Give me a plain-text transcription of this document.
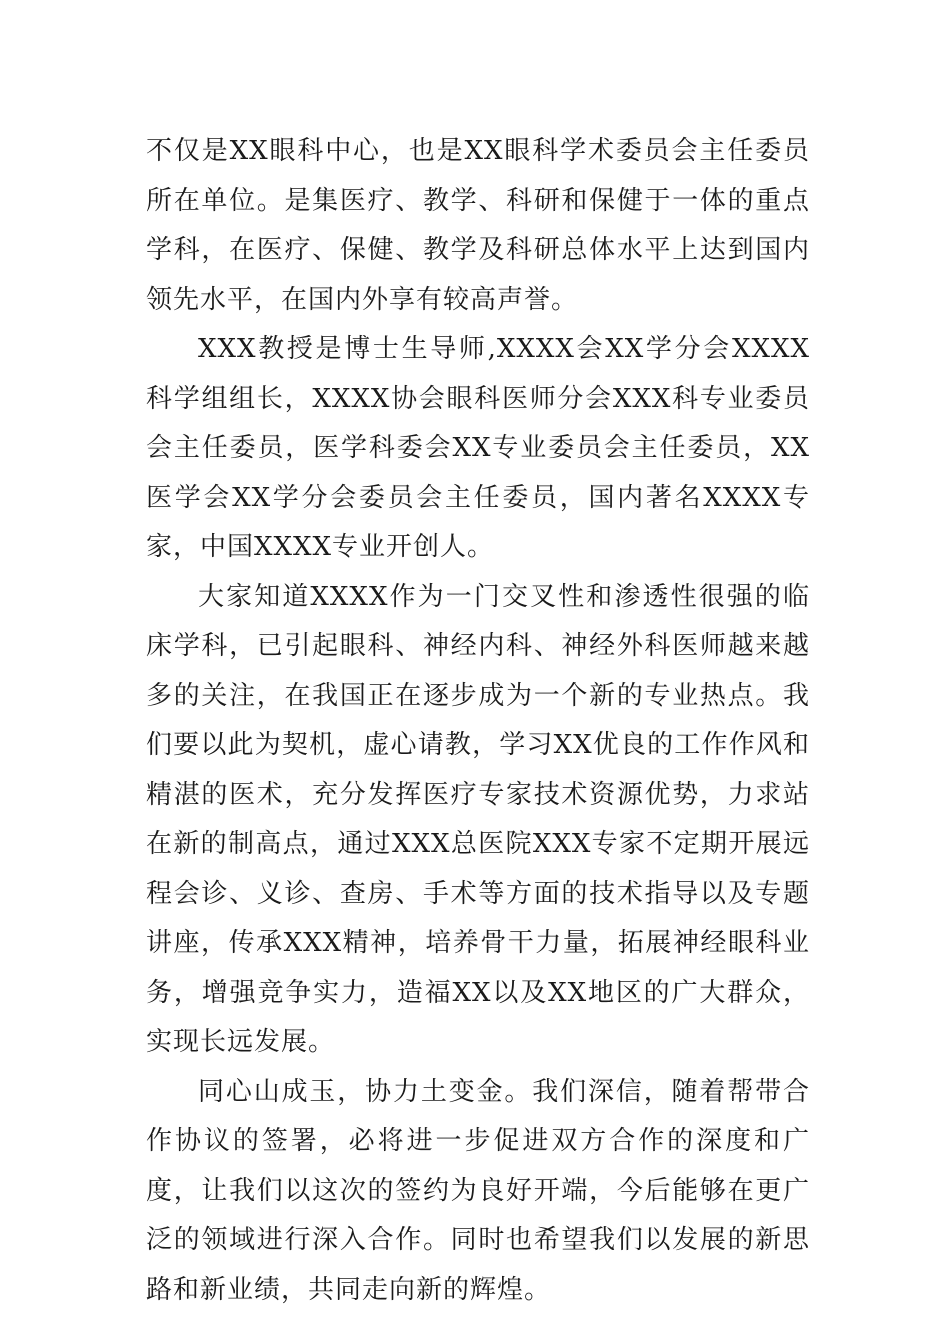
不仅是XX眼科中心，也是XX眼科学术委员会主任委员所在单位。是集医疗、教学、科研和保健于一体的重点学科，在医疗、保健、教学及科研总体水平上达到国内领先水平，在国内外享有较高声誉。

XXX教授是博士生导师,XXXX会XX学分会XXXX科学组组长，XXXX协会眼科医师分会XXX科专业委员会主任委员，医学科委会XX专业委员会主任委员，XX医学会XX学分会委员会主任委员，国内著名XXXX专家，中国XXXX专业开创人。

大家知道XXXX作为一门交叉性和渗透性很强的临床学科，已引起眼科、神经内科、神经外科医师越来越多的关注，在我国正在逐步成为一个新的专业热点。我们要以此为契机，虚心请教，学习XX优良的工作作风和精湛的医术，充分发挥医疗专家技术资源优势，力求站在新的制高点，通过XXX总医院XXX专家不定期开展远程会诊、义诊、查房、手术等方面的技术指导以及专题讲座，传承XXX精神，培养骨干力量，拓展神经眼科业务，增强竞争实力，造福XX以及XX地区的广大群众，实现长远发展。

同心山成玉，协力土变金。我们深信，随着帮带合作协议的签署，必将进一步促进双方合作的深度和广度，让我们以这次的签约为良好开端，今后能够在更广泛的领域进行深入合作。同时也希望我们以发展的新思路和新业绩，共同走向新的辉煌。
